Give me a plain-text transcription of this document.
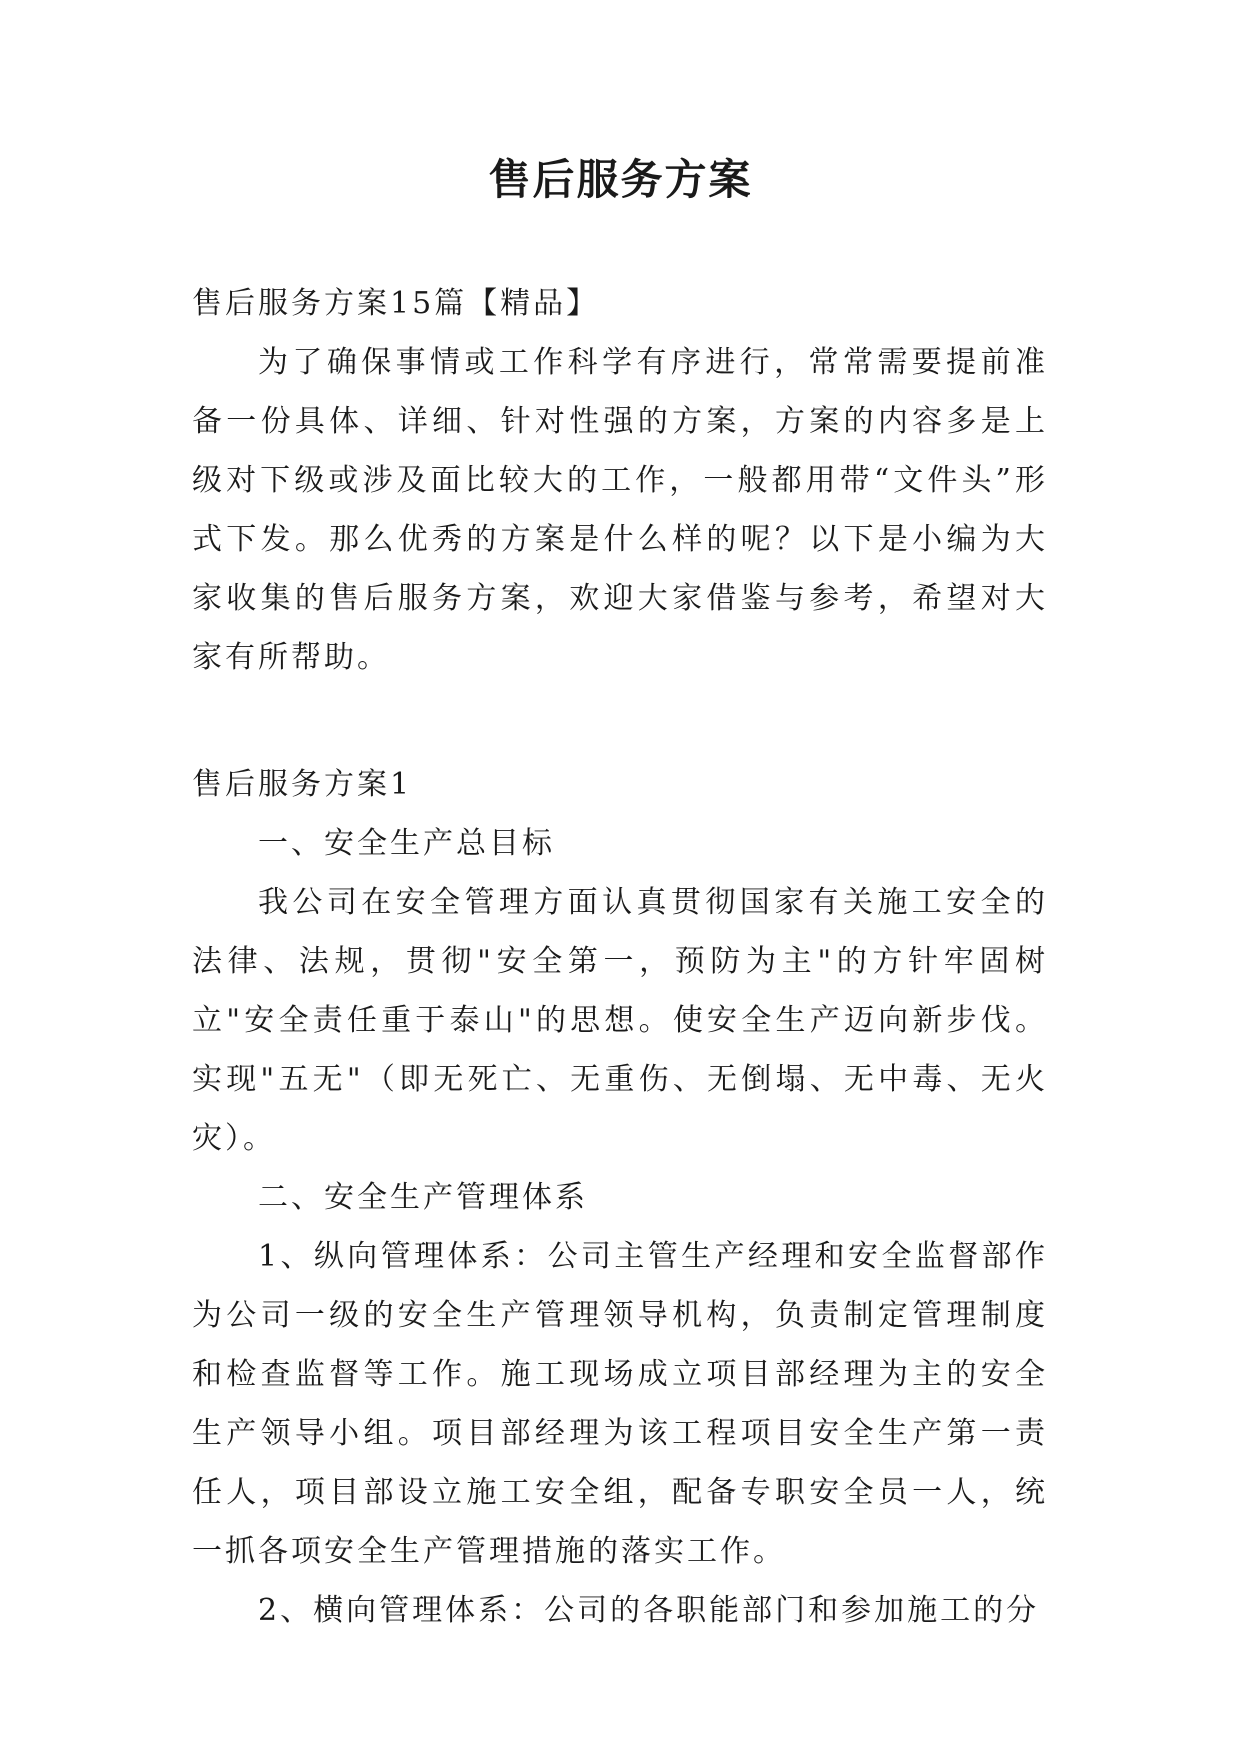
售后服务方案

售后服务方案15篇【精品】

为了确保事情或工作科学有序进行，常常需要提前准备一份具体、详细、针对性强的方案，方案的内容多是上级对下级或涉及面比较大的工作，一般都用带“文件头”形式下发。那么优秀的方案是什么样的呢？以下是小编为大家收集的售后服务方案，欢迎大家借鉴与参考，希望对大家有所帮助。

售后服务方案1

一、安全生产总目标

我公司在安全管理方面认真贯彻国家有关施工安全的法律、法规，贯彻"安全第一，预防为主"的方针牢固树立"安全责任重于泰山"的思想。使安全生产迈向新步伐。实现"五无"（即无死亡、无重伤、无倒塌、无中毒、无火灾）。

二、安全生产管理体系

1、纵向管理体系：公司主管生产经理和安全监督部作为公司一级的安全生产管理领导机构，负责制定管理制度和检查监督等工作。施工现场成立项目部经理为主的安全生产领导小组。项目部经理为该工程项目安全生产第一责任人，项目部设立施工安全组，配备专职安全员一人，统一抓各项安全生产管理措施的落实工作。

2、横向管理体系：公司的各职能部门和参加施工的分
